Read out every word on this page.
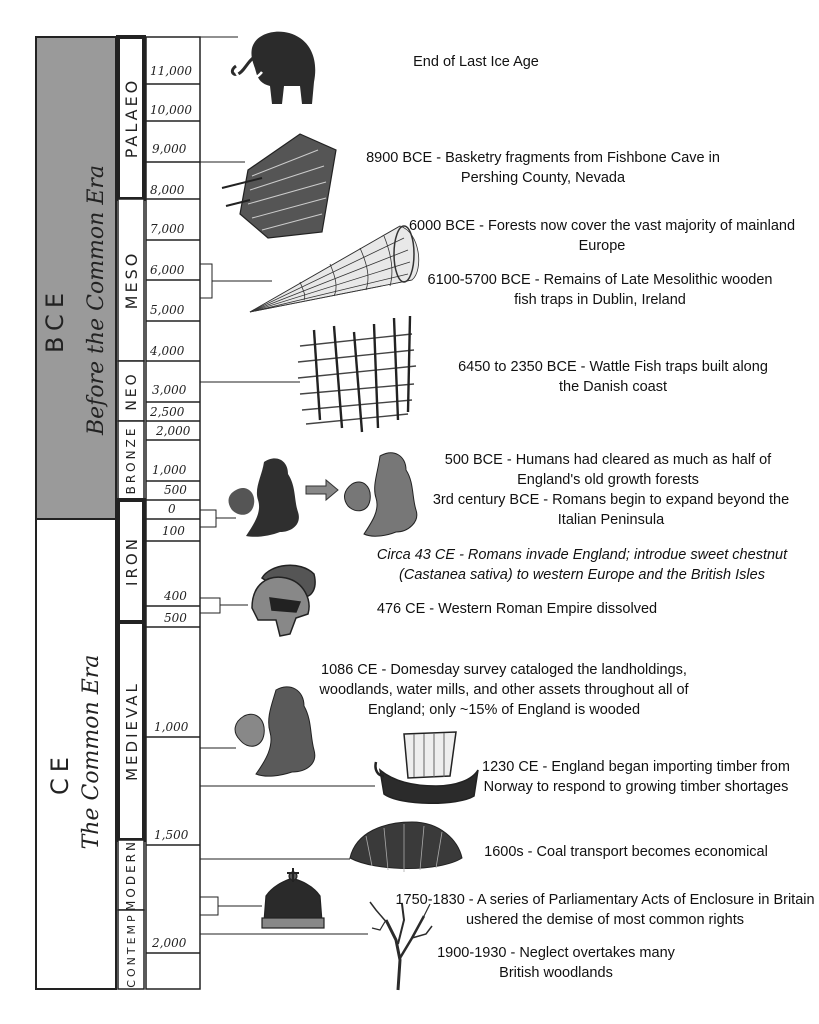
BCE Before the Common Era
CE The Common Era
PALAEO
MESO
NEO
BRONZE
IRON
MEDIEVAL
MODERN
CONTEMP
11,000
10,000
9,000
8,000
7,000
6,000
5,000
4,000
3,000
2,500
2,000
1,000
500
0
100
400
500
1,000
1,500
2,000
End of Last Ice Age
8900 BCE - Basketry fragments from Fishbone Cave in Pershing County, Nevada
6000 BCE - Forests now cover the vast majority of mainland Europe
6100-5700 BCE - Remains of Late Mesolithic wooden fish traps in Dublin, Ireland
6450 to 2350 BCE - Wattle Fish traps built along the Danish coast
500 BCE - Humans had cleared as much as half of England's old growth forests
3rd century BCE - Romans begin to expand beyond the Italian Peninsula
Circa 43 CE - Romans invade England; introdue sweet chestnut (Castanea sativa) to western Europe and the British Isles
476 CE - Western Roman Empire dissolved
1086 CE - Domesday survey cataloged the landholdings, woodlands, water mills, and other assets throughout all of England; only ~15% of England is wooded
1230 CE - England began importing timber from Norway to respond to growing timber shortages
1600s - Coal transport becomes economical
1750-1830 - A series of Parliamentary Acts of Enclosure in Britain ushered the demise of most common rights
1900-1930 - Neglect overtakes many British woodlands
